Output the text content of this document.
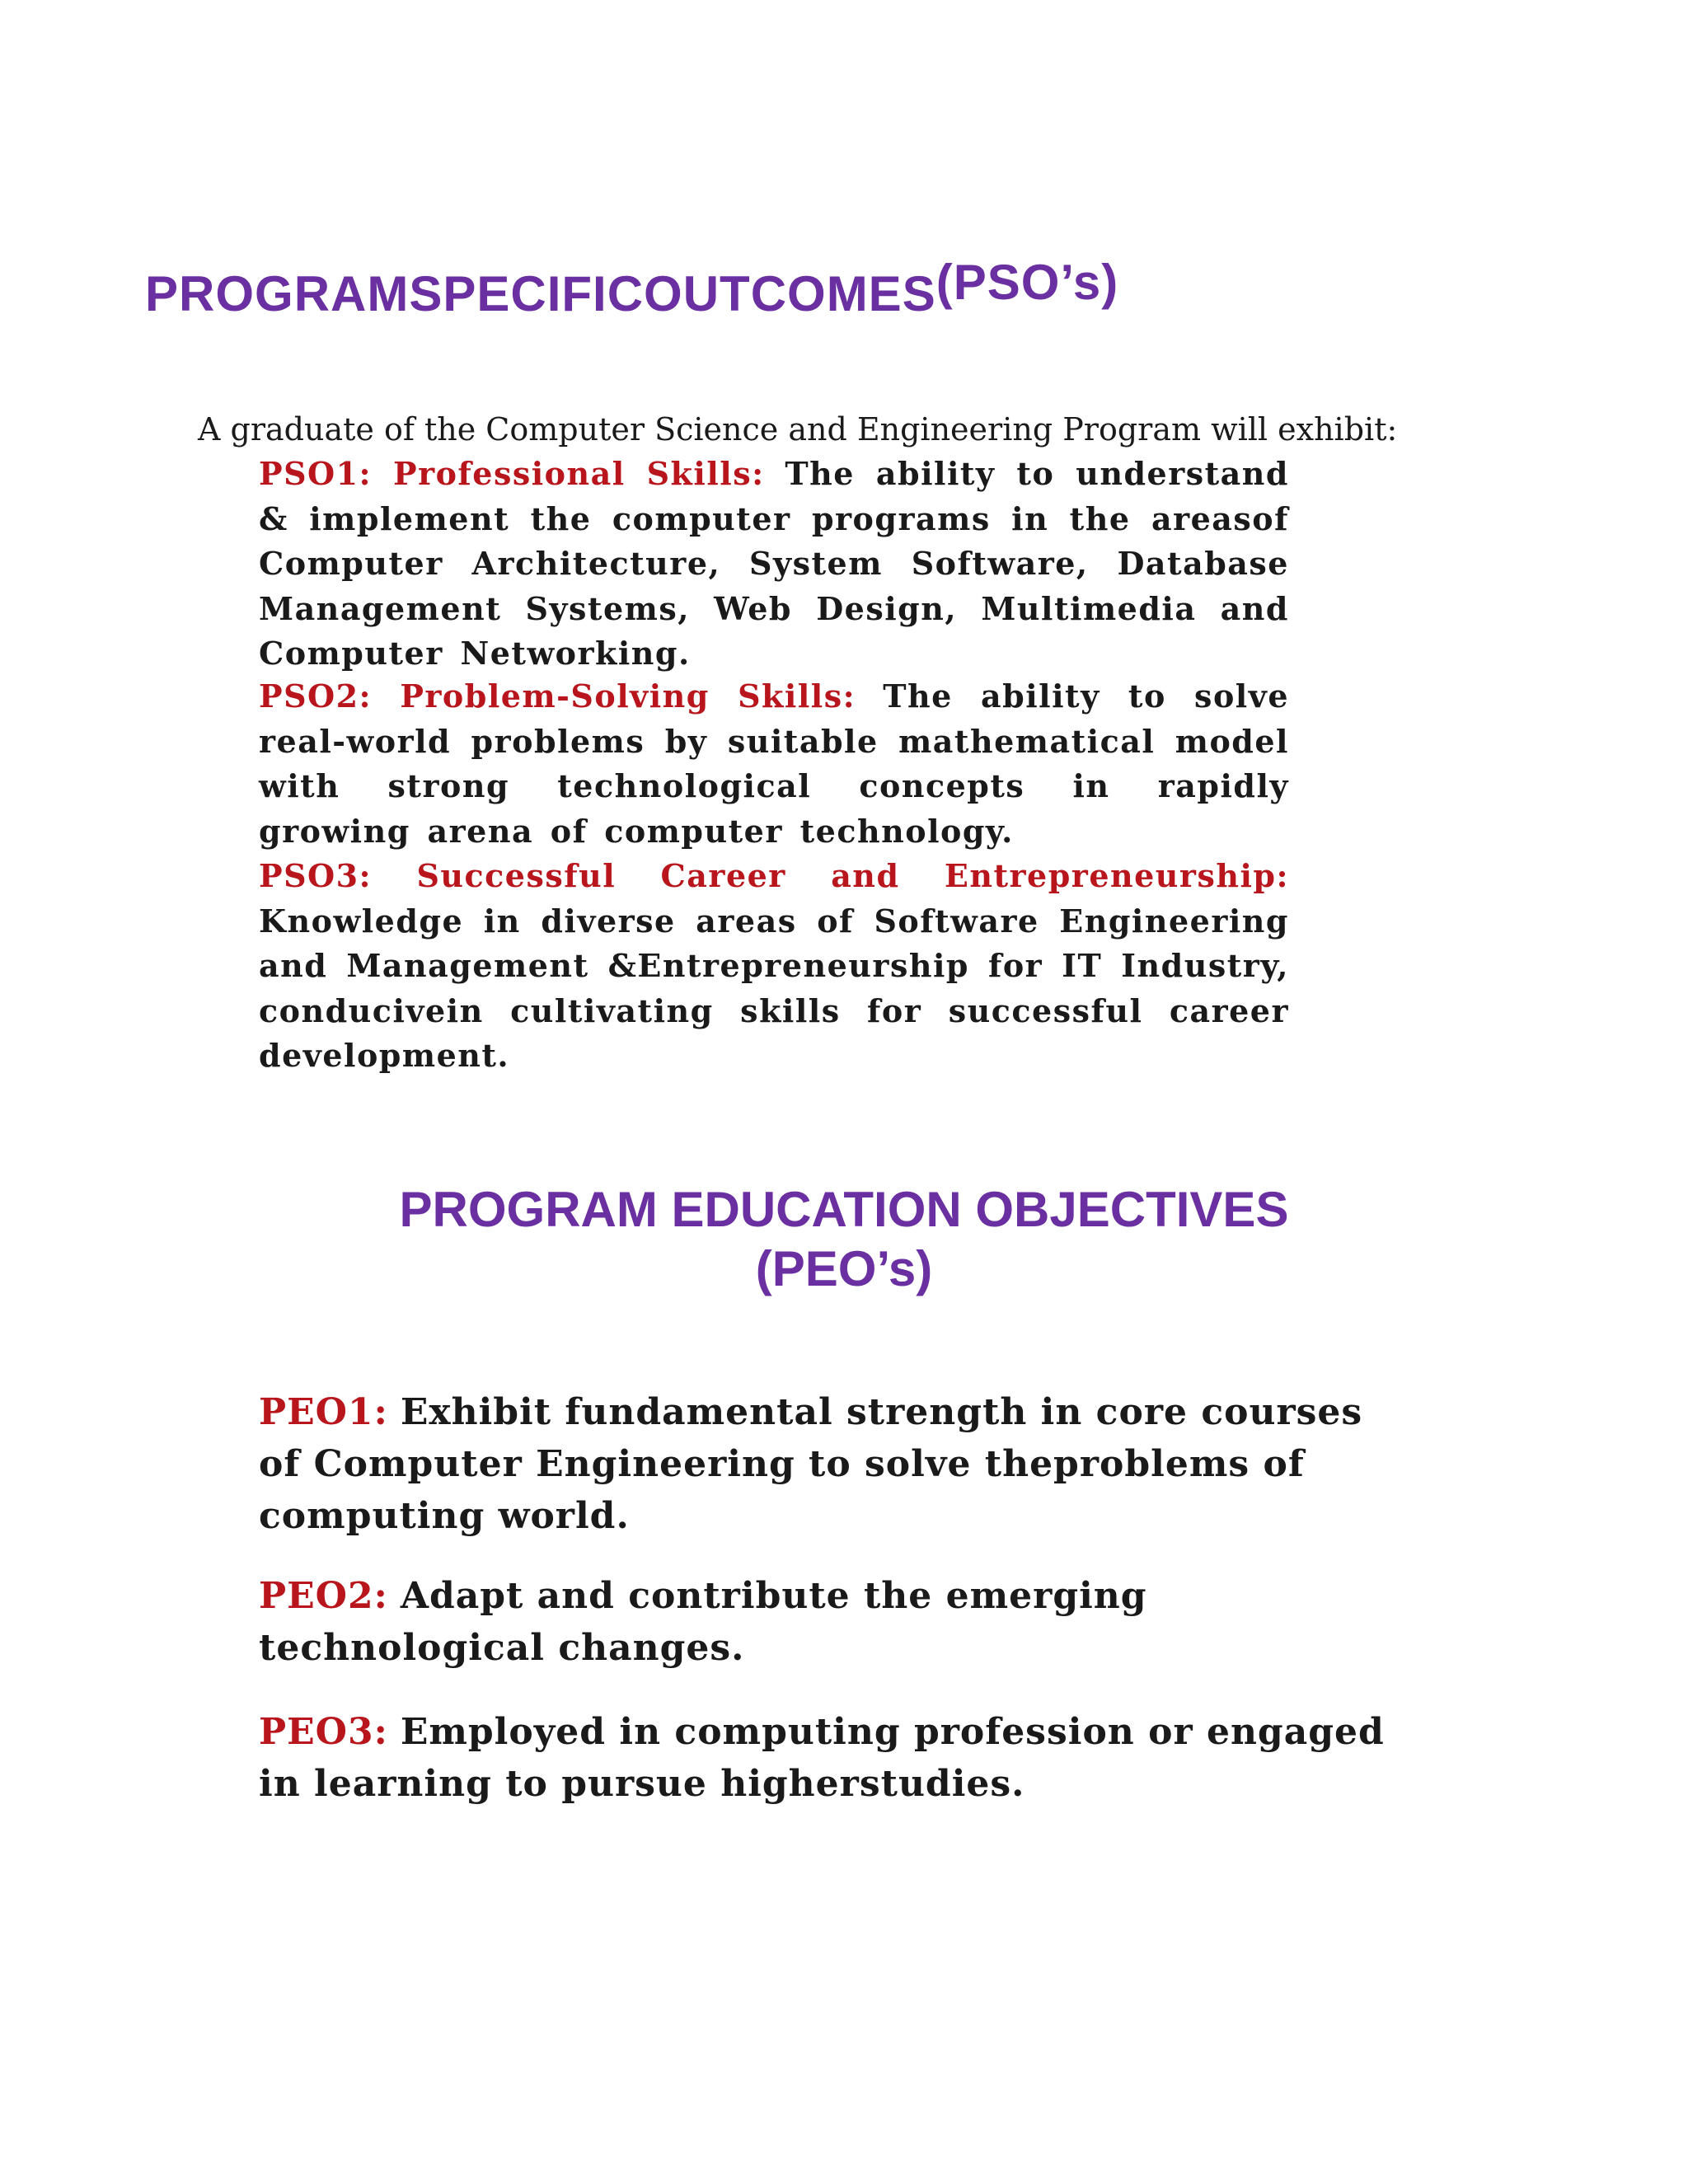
PROGRAMSPECIFICOUTCOMES(PSO’s)
A graduate of the Computer Science and Engineering Program will exhibit:
PSO1: Professional Skills: The ability to understand & implement the computer programs in the areasof Computer Architecture, System Software, Database Management Systems, Web Design, Multimedia and Computer Networking.
PSO2: Problem-Solving Skills: The ability to solve real-world problems by suitable mathematical model with strong technological concepts in rapidly growing arena of computer technology.
PSO3: Successful Career and Entrepreneurship: Knowledge in diverse areas of Software Engineering and Management &Entrepreneurship for IT Industry, conducivein cultivating skills for successful career development.
PROGRAM EDUCATION OBJECTIVES
(PEO’s)
PEO1: Exhibit fundamental strength in core courses of Computer Engineering to solve theproblems of computing world.
PEO2: Adapt and contribute the emerging technological changes.
PEO3: Employed in computing profession or engaged in learning to pursue higherstudies.
